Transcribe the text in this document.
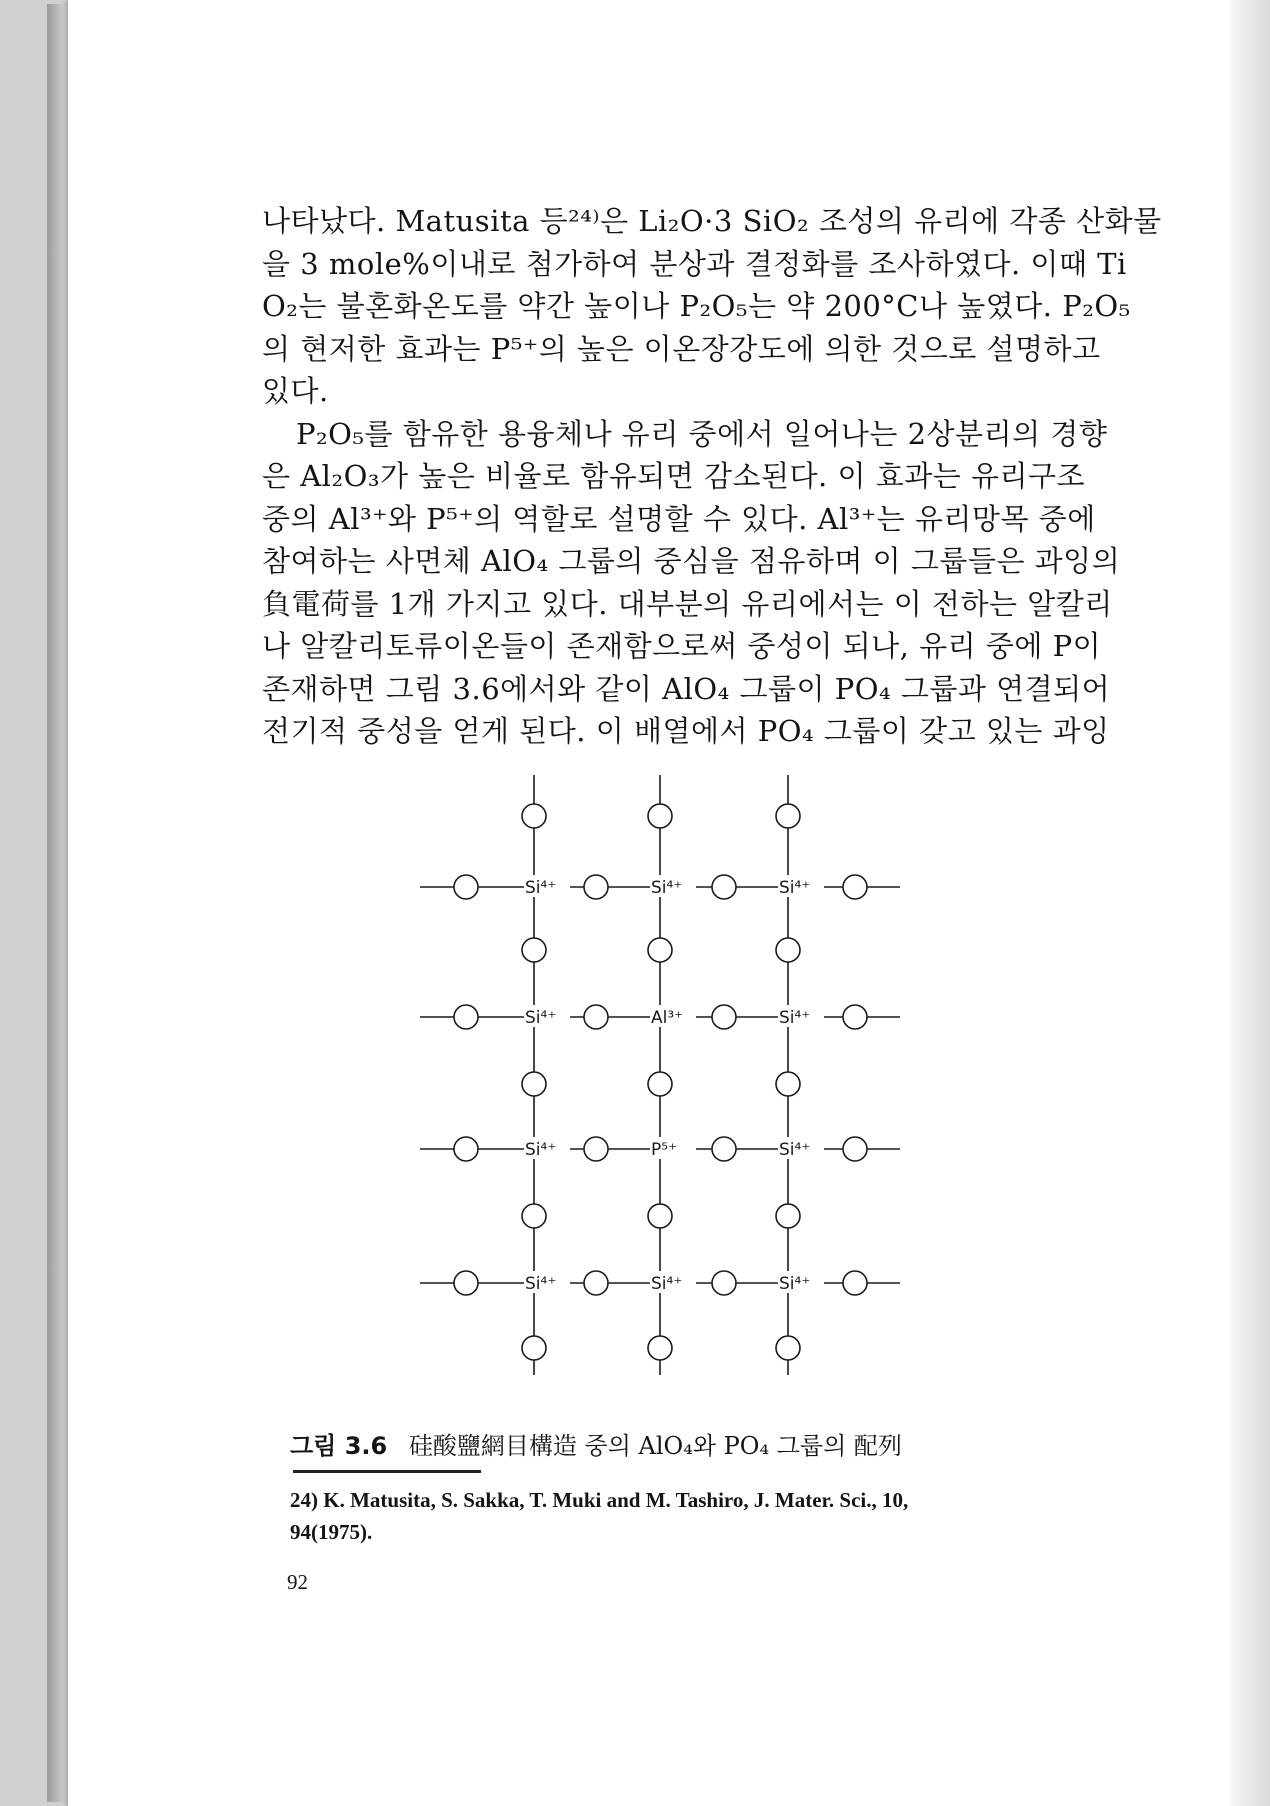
나타났다. Matusita 등²⁴⁾은 Li₂O·3 SiO₂ 조성의 유리에 각종 산화물
을 3 mole%이내로 첨가하여 분상과 결정화를 조사하였다. 이때 Ti
O₂는 불혼화온도를 약간 높이나 P₂O₅는 약 200°C나 높였다. P₂O₅
의 현저한 효과는 P⁵⁺의 높은 이온장강도에 의한 것으로 설명하고
있다.
P₂O₅를 함유한 용융체나 유리 중에서 일어나는 2상분리의 경향
은 Al₂O₃가 높은 비율로 함유되면 감소된다. 이 효과는 유리구조
중의 Al³⁺와 P⁵⁺의 역할로 설명할 수 있다. Al³⁺는 유리망목 중에
참여하는 사면체 AlO₄ 그룹의 중심을 점유하며 이 그룹들은 과잉의
負電荷를 1개 가지고 있다. 대부분의 유리에서는 이 전하는 알칼리
나 알칼리토류이온들이 존재함으로써 중성이 되나, 유리 중에 P이
존재하면 그림 3.6에서와 같이 AlO₄ 그룹이 PO₄ 그룹과 연결되어
전기적 중성을 얻게 된다. 이 배열에서 PO₄ 그룹이 갖고 있는 과잉
Si⁴⁺	Si⁴⁺	Si⁴⁺
Si⁴⁺	Al³⁺	Si⁴⁺
Si⁴⁺	P⁵⁺	Si⁴⁺
Si⁴⁺	Si⁴⁺	Si⁴⁺
그림 3.6 硅酸鹽網目構造 중의 AlO₄와 PO₄ 그룹의 配列
24) K. Matusita, S. Sakka, T. Muki and M. Tashiro, J. Mater. Sci., 10,
94(1975).
92
